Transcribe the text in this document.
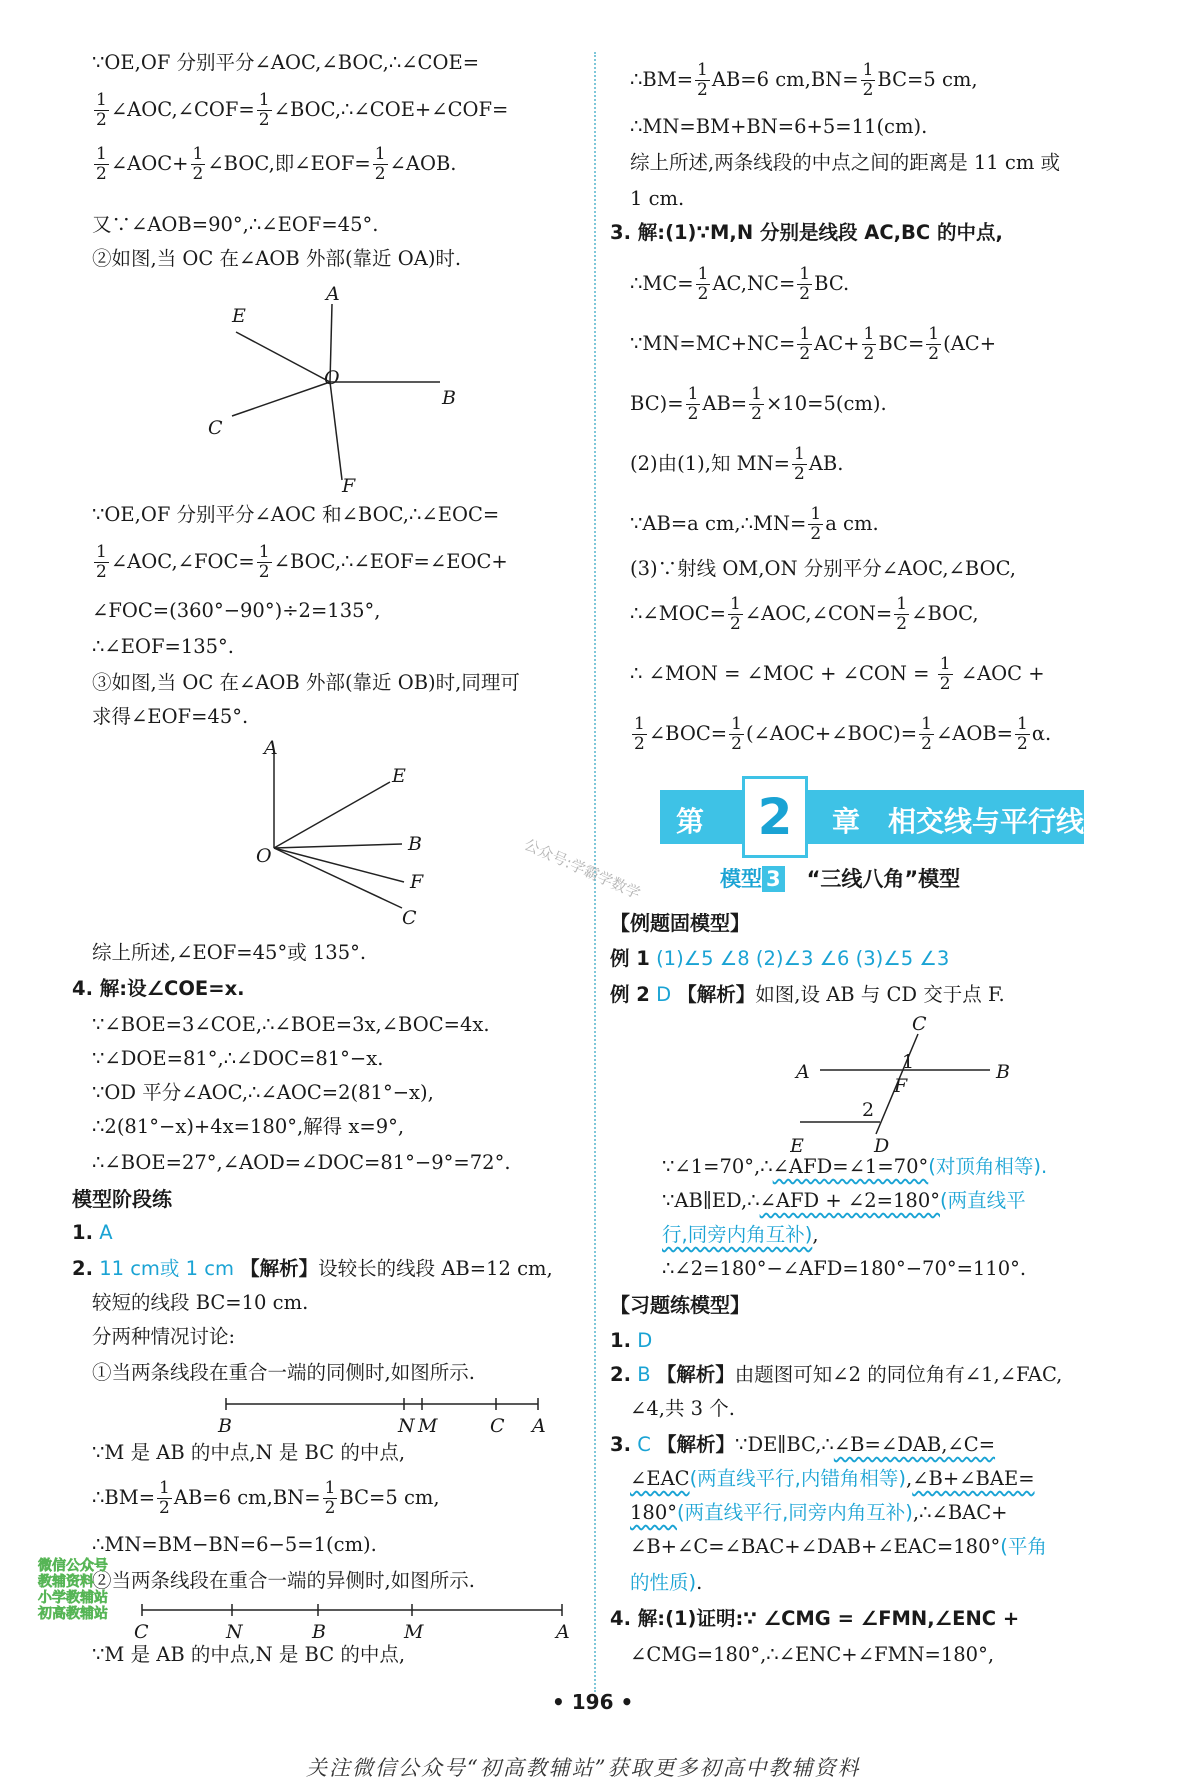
∵OE,OF 分别平分∠AOC,∠BOC,∴∠COE=
$\frac{1}{2}$ ∠AOC,∠COF= $\frac{1}{2}$ ∠BOC,∴∠COE+∠COF=
$\frac{1}{2}$ ∠AOC+ $\frac{1}{2}$ ∠BOC,即∠EOF= $\frac{1}{2}$ ∠AOB.
又∵∠AOB=90°,∴∠EOF=45°.
②如图,当 OC 在∠AOB 外部(靠近 OA)时.
A
B
C
E
F
O
∵OE,OF 分别平分∠AOC 和∠BOC,∴∠EOC=
$\frac{1}{2}$ ∠AOC,∠FOC= $\frac{1}{2}$ ∠BOC,∴∠EOF=∠EOC+
∠FOC=(360°−90°)÷2=135°,
∴∠EOF=135°.
③如图,当 OC 在∠AOB 外部(靠近 OB)时,同理可
求得∠EOF=45°.
A
E
B
F
C
O
综上所述,∠EOF=45°或 135°.
4. 解:设∠COE=x.
∵∠BOE=3∠COE,∴∠BOE=3x,∠BOC=4x.
∵∠DOE=81°,∴∠DOC=81°−x.
∵OD 平分∠AOC,∴∠AOC=2(81°−x),
∴2(81°−x)+4x=180°,解得 x=9°,
∴∠BOE=27°,∠AOD=∠DOC=81°−9°=72°.
模型阶段练
1. A
2. 11 cm或 1 cm 【解析】设较长的线段 AB=12 cm,
较短的线段 BC=10 cm.
分两种情况讨论:
①当两条线段在重合一端的同侧时,如图所示.
B	N M	C A
∵M 是 AB 的中点,N 是 BC 的中点,
∴BM= $\frac{1}{2} AB=6$ $cm,BN= \frac{1}{2} BC=5$ cm,
∴MN=BM−BN=6−5=1(cm).
②当两条线段在重合一端的异侧时,如图所示.
C	N	B	M	A
∵M 是 AB 的中点,N 是 BC 的中点,
∴BM= $\frac{1}{2} AB=6$ $cm,BN= \frac{1}{2} BC=5$ cm,
∴MN=BM+BN=6+5=11(cm).
综上所述,两条线段的中点之间的距离是 11 cm 或
1 cm.
3. 解:(1)∵M,N 分别是线段 AC,BC 的中点,
∴MC= $\frac{1}{2} AC,NC= \frac{1}{2}$ BC.
∵MN=MC+NC= $\frac{1}{2} AC+ \frac{1}{2} BC= \frac{1}{2} (AC+$
$BC)= \frac{1}{2} AB= \frac{1}{2} \times 10=5(cm)$.
(2)由(1),知 $MN= \frac{1}{2}$ AB.
∵AB=a cm,∴MN= $\frac{1}{2}$ a cm.
(3)∵射线 OM,ON 分别平分∠AOC,∠BOC,
∴∠MOC= $\frac{1}{2}$ ∠AOC,∠CON= $\frac{1}{2}$ ∠BOC,
∴ ∠MON = ∠MOC + ∠CON = $\frac{1}{2}$ ∠AOC +
$\frac{1}{2}$ ∠BOC= $\frac{1}{2}$ (∠AOC+∠BOC)= $\frac{1}{2}$ ∠AOB= $\frac{1}{2} \alpha$.
第	2	章 相交线与平行线
公众号:学霸学数学	模型 3 “三线八角”模型
【例题固模型】
例 1 (1)∠5 ∠8 (2)∠3 ∠6 (3)∠5 ∠3
例 2 D 【解析】如图,设 AB 与 CD 交于点 F.
A	B
C
D
E
F
1
2
∵∠1=70°,∴∠AFD=∠1=70°(对顶角相等).
∵AB∥ED,∴∠AFD + ∠2=180°(两直线平
行,同旁内角互补),
∴∠2=180°−∠AFD=180°−70°=110°.
【习题练模型】
1. D
2. B 【解析】由题图可知∠2 的同位角有∠1,∠FAC,
∠4,共 3 个.
3. C 【解析】∵DE∥BC,∴∠B=∠DAB,∠C=
∠EAC(两直线平行,内错角相等),∠B+∠BAE=
180°(两直线平行,同旁内角互补),∴∠BAC+
∠B+∠C=∠BAC+∠DAB+∠EAC=180°(平角
的性质).
4. 解:(1)证明:∵ ∠CMG = ∠FMN,∠ENC +
∠CMG=180°,∴∠ENC+∠FMN=180°,
微信公众号
教辅资料
小学教辅站
初高教辅站
• 196 •
关注微信公众号“初高教辅站”获取更多初高中教辅资料
